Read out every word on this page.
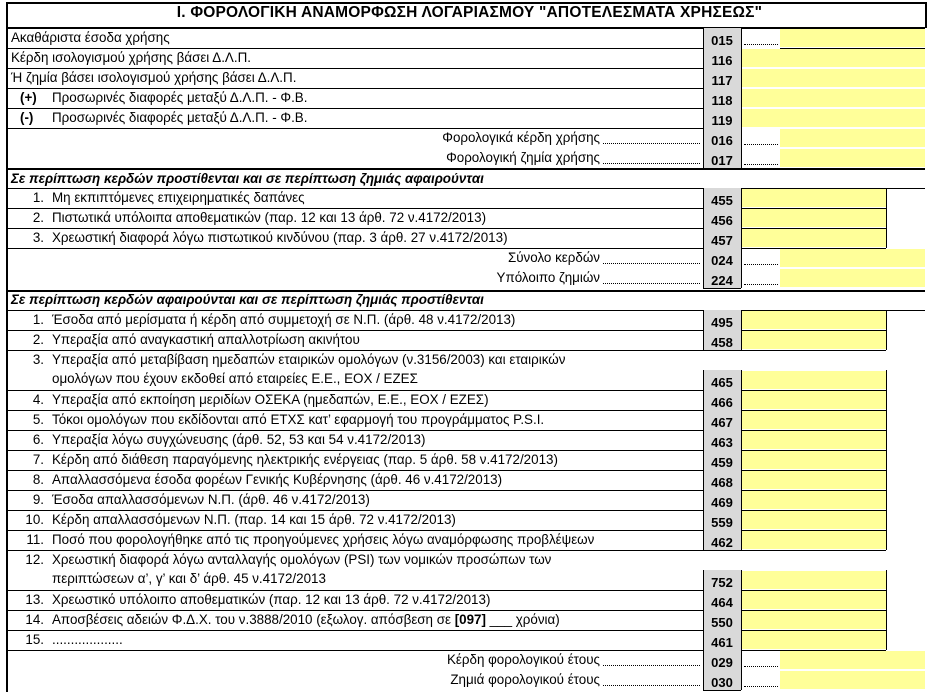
I. ΦΟΡΟΛΟΓΙΚΗ ΑΝΑΜΟΡΦΩΣΗ ΛΟΓΑΡΙΑΣΜΟΥ "ΑΠΟΤΕΛΕΣΜΑΤΑ ΧΡΗΣΕΩΣ"
Ακαθάριστα έσοδα χρήσης	015
Κέρδη ισολογισμού χρήσης βάσει Δ.Λ.Π.	116
Ή ζημία βάσει ισολογισμού χρήσης βάσει Δ.Λ.Π.	117
(+) Προσωρινές διαφορές μεταξύ Δ.Λ.Π. - Φ.Β.	118
(-) Προσωρινές διαφορές μεταξύ Δ.Λ.Π. - Φ.Β.	119
Φορολογικά κέρδη χρήσης	016
Φορολογική ζημία χρήσης	017
Σε περίπτωση κερδών προστίθενται και σε περίπτωση ζημιάς αφαιρούνται
1. Μη εκπιπτόμενες επιχειρηματικές δαπάνες	455
2. Πιστωτικά υπόλοιπα αποθεματικών (παρ. 12 και 13 άρθ. 72 ν.4172/2013)	456
3. Χρεωστική διαφορά λόγω πιστωτικού κινδύνου (παρ. 3 άρθ. 27 ν.4172/2013)	457
Σύνολο κερδών	024
Υπόλοιπο ζημιών	224
Σε περίπτωση κερδών αφαιρούνται και σε περίπτωση ζημιάς προστίθενται
1. Έσοδα από μερίσματα ή κέρδη από συμμετοχή σε Ν.Π. (άρθ. 48 ν.4172/2013)	495
2. Υπεραξία από αναγκαστική απαλλοτρίωση ακινήτου	458
3. Υπεραξία από μεταβίβαση ημεδαπών εταιρικών ομολόγων (ν.3156/2003) και εταιρικών
ομολόγων που έχουν εκδοθεί από εταιρείες Ε.Ε., ΕΟΧ / ΕΖΕΣ	465
4. Υπεραξία από εκποίηση μεριδίων ΟΣΕΚΑ (ημεδαπών, Ε.Ε., ΕΟΧ / ΕΖΕΣ)	466
5. Τόκοι ομολόγων που εκδίδονται από ΕΤΧΣ κατ’ εφαρμογή του προγράμματος P.S.I.	467
6. Υπεραξία λόγω συγχώνευσης (άρθ. 52, 53 και 54 ν.4172/2013)	463
7. Κέρδη από διάθεση παραγόμενης ηλεκτρικής ενέργειας (παρ. 5 άρθ. 58 ν.4172/2013)	459
8. Απαλλασσόμενα έσοδα φορέων Γενικής Κυβέρνησης (άρθ. 46 ν.4172/2013)	468
9. Έσοδα απαλλασσόμενων Ν.Π. (άρθ. 46 ν.4172/2013)	469
10. Κέρδη απαλλασσόμενων Ν.Π. (παρ. 14 και 15 άρθ. 72 ν.4172/2013)	559
11. Ποσό που φορολογήθηκε από τις προηγούμενες χρήσεις λόγω αναμόρφωσης προβλέψεων	462
12. Χρεωστική διαφορά λόγω ανταλλαγής ομολόγων (PSI) των νομικών προσώπων των
περιπτώσεων α’, γ’ και δ’ άρθ. 45 ν.4172/2013	752
13. Χρεωστικό υπόλοιπο αποθεματικών (παρ. 12 και 13 άρθ. 72 ν.4172/2013)	464
14. Αποσβέσεις αδειών Φ.Δ.Χ. του ν.3888/2010 (εξωλογ. απόσβεση σε [097] ___ χρόνια)	550
15. ...................	461
Κέρδη φορολογικού έτους	029
Ζημιά φορολογικού έτους	030
